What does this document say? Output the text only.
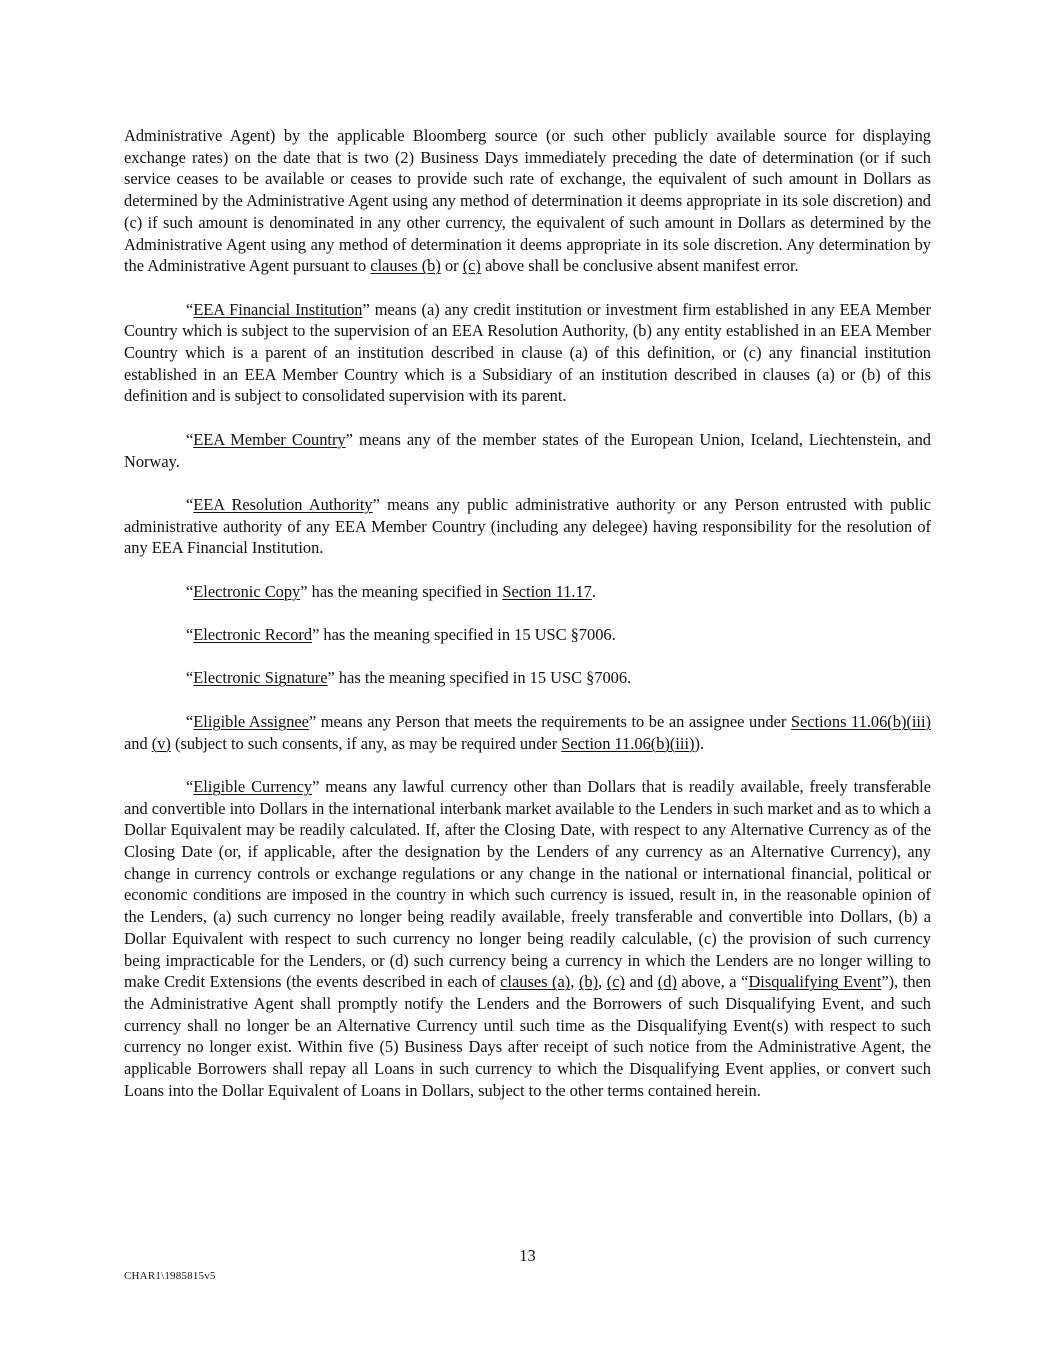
Administrative Agent) by the applicable Bloomberg source (or such other publicly available source for displaying exchange rates) on the date that is two (2) Business Days immediately preceding the date of determination (or if such service ceases to be available or ceases to provide such rate of exchange, the equivalent of such amount in Dollars as determined by the Administrative Agent using any method of determination it deems appropriate in its sole discretion) and (c) if such amount is denominated in any other currency, the equivalent of such amount in Dollars as determined by the Administrative Agent using any method of determination it deems appropriate in its sole discretion. Any determination by the Administrative Agent pursuant to clauses (b) or (c) above shall be conclusive absent manifest error.

“EEA Financial Institution” means (a) any credit institution or investment firm established in any EEA Member Country which is subject to the supervision of an EEA Resolution Authority, (b) any entity established in an EEA Member Country which is a parent of an institution described in clause (a) of this definition, or (c) any financial institution established in an EEA Member Country which is a Subsidiary of an institution described in clauses (a) or (b) of this definition and is subject to consolidated supervision with its parent.

“EEA Member Country” means any of the member states of the European Union, Iceland, Liechtenstein, and Norway.

“EEA Resolution Authority” means any public administrative authority or any Person entrusted with public administrative authority of any EEA Member Country (including any delegee) having responsibility for the resolution of any EEA Financial Institution.

“Electronic Copy” has the meaning specified in Section 11.17.

“Electronic Record” has the meaning specified in 15 USC §7006.

“Electronic Signature” has the meaning specified in 15 USC §7006.

“Eligible Assignee” means any Person that meets the requirements to be an assignee under Sections 11.06(b)(iii) and (v) (subject to such consents, if any, as may be required under Section 11.06(b)(iii)).

“Eligible Currency” means any lawful currency other than Dollars that is readily available, freely transferable and convertible into Dollars in the international interbank market available to the Lenders in such market and as to which a Dollar Equivalent may be readily calculated. If, after the Closing Date, with respect to any Alternative Currency as of the Closing Date (or, if applicable, after the designation by the Lenders of any currency as an Alternative Currency), any change in currency controls or exchange regulations or any change in the national or international financial, political or economic conditions are imposed in the country in which such currency is issued, result in, in the reasonable opinion of the Lenders, (a) such currency no longer being readily available, freely transferable and convertible into Dollars, (b) a Dollar Equivalent with respect to such currency no longer being readily calculable, (c) the provision of such currency being impracticable for the Lenders, or (d) such currency being a currency in which the Lenders are no longer willing to make Credit Extensions (the events described in each of clauses (a), (b), (c) and (d) above, a “Disqualifying Event”), then the Administrative Agent shall promptly notify the Lenders and the Borrowers of such Disqualifying Event, and such currency shall no longer be an Alternative Currency until such time as the Disqualifying Event(s) with respect to such currency no longer exist. Within five (5) Business Days after receipt of such notice from the Administrative Agent, the applicable Borrowers shall repay all Loans in such currency to which the Disqualifying Event applies, or convert such Loans into the Dollar Equivalent of Loans in Dollars, subject to the other terms contained herein.

13
CHAR1\1985815v5
